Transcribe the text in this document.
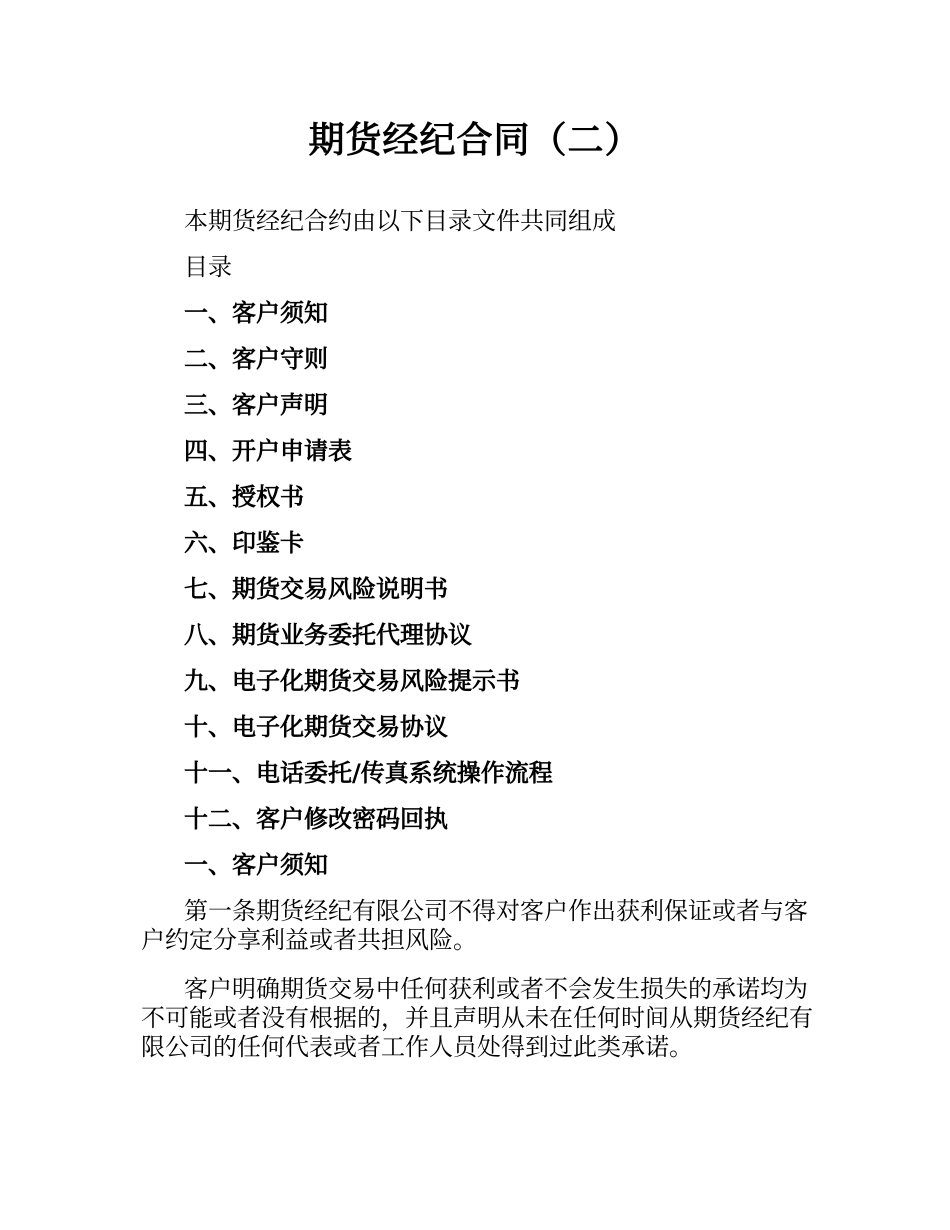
期货经纪合同（二）
本期货经纪合约由以下目录文件共同组成
目录
一、客户须知
二、客户守则
三、客户声明
四、开户申请表
五、授权书
六、印鉴卡
七、期货交易风险说明书
八、期货业务委托代理协议
九、电子化期货交易风险提示书
十、电子化期货交易协议
十一、电话委托/传真系统操作流程
十二、客户修改密码回执
一、客户须知
第一条期货经纪有限公司不得对客户作出获利保证或者与客户约定分享利益或者共担风险。
客户明确期货交易中任何获利或者不会发生损失的承诺均为不可能或者没有根据的，并且声明从未在任何时间从期货经纪有限公司的任何代表或者工作人员处得到过此类承诺。
